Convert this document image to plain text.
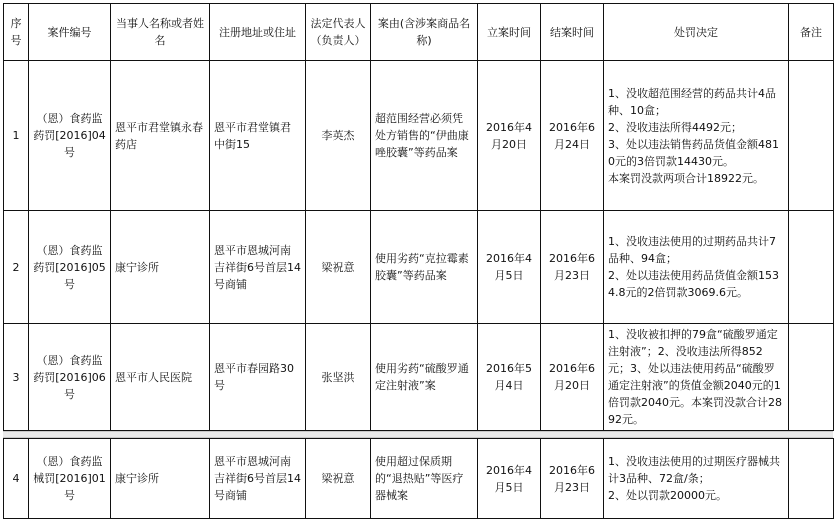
序号	案件编号	当事人名称或者姓名	注册地址或住址	法定代表人（负责人）	案由(含涉案商品名称)	立案时间	结案时间	处罚决定	备注
1	（恩）食药监药罚[2016]04号	恩平市君堂镇永春药店	恩平市君堂镇君中街15	李英杰	超范围经营必须凭处方销售的“伊曲康唑胶囊”等药品案	2016年4月20日	2016年6月24日	1、没收超范围经营的药品共计4品种、10盒；
2、没收违法所得4492元；
3、处以违法销售药品货值金额4810元的3倍罚款14430元。
本案罚没款两项合计18922元。	
2	（恩）食药监药罚[2016]05号	康宁诊所	恩平市恩城河南吉祥街6号首层14号商铺	梁祝意	使用劣药“克拉霉素胶囊”等药品案	2016年4月5日	2016年6月23日	1、没收违法使用的过期药品共计7品种、94盒；
2、处以违法使用药品货值金额1534.8元的2倍罚款3069.6元。	
3	（恩）食药监药罚[2016]06号	恩平市人民医院	恩平市春园路30号	张坚洪	使用劣药“硫酸罗通定注射液”案	2016年5月4日	2016年6月20日	1、没收被扣押的79盒“硫酸罗通定注射液”；2、没收违法所得852元；3、处以违法使用药品“硫酸罗通定注射液”的货值金额2040元的1倍罚款2040元。本案罚没款合计2892元。	
4	（恩）食药监械罚[2016]01号	康宁诊所	恩平市恩城河南吉祥街6号首层14号商铺	梁祝意	使用超过保质期的“退热贴”等医疗器械案	2016年4月5日	2016年6月23日	1、没收违法使用的过期医疗器械共计3品种、72盒/条；
2、处以罚款20000元。	
